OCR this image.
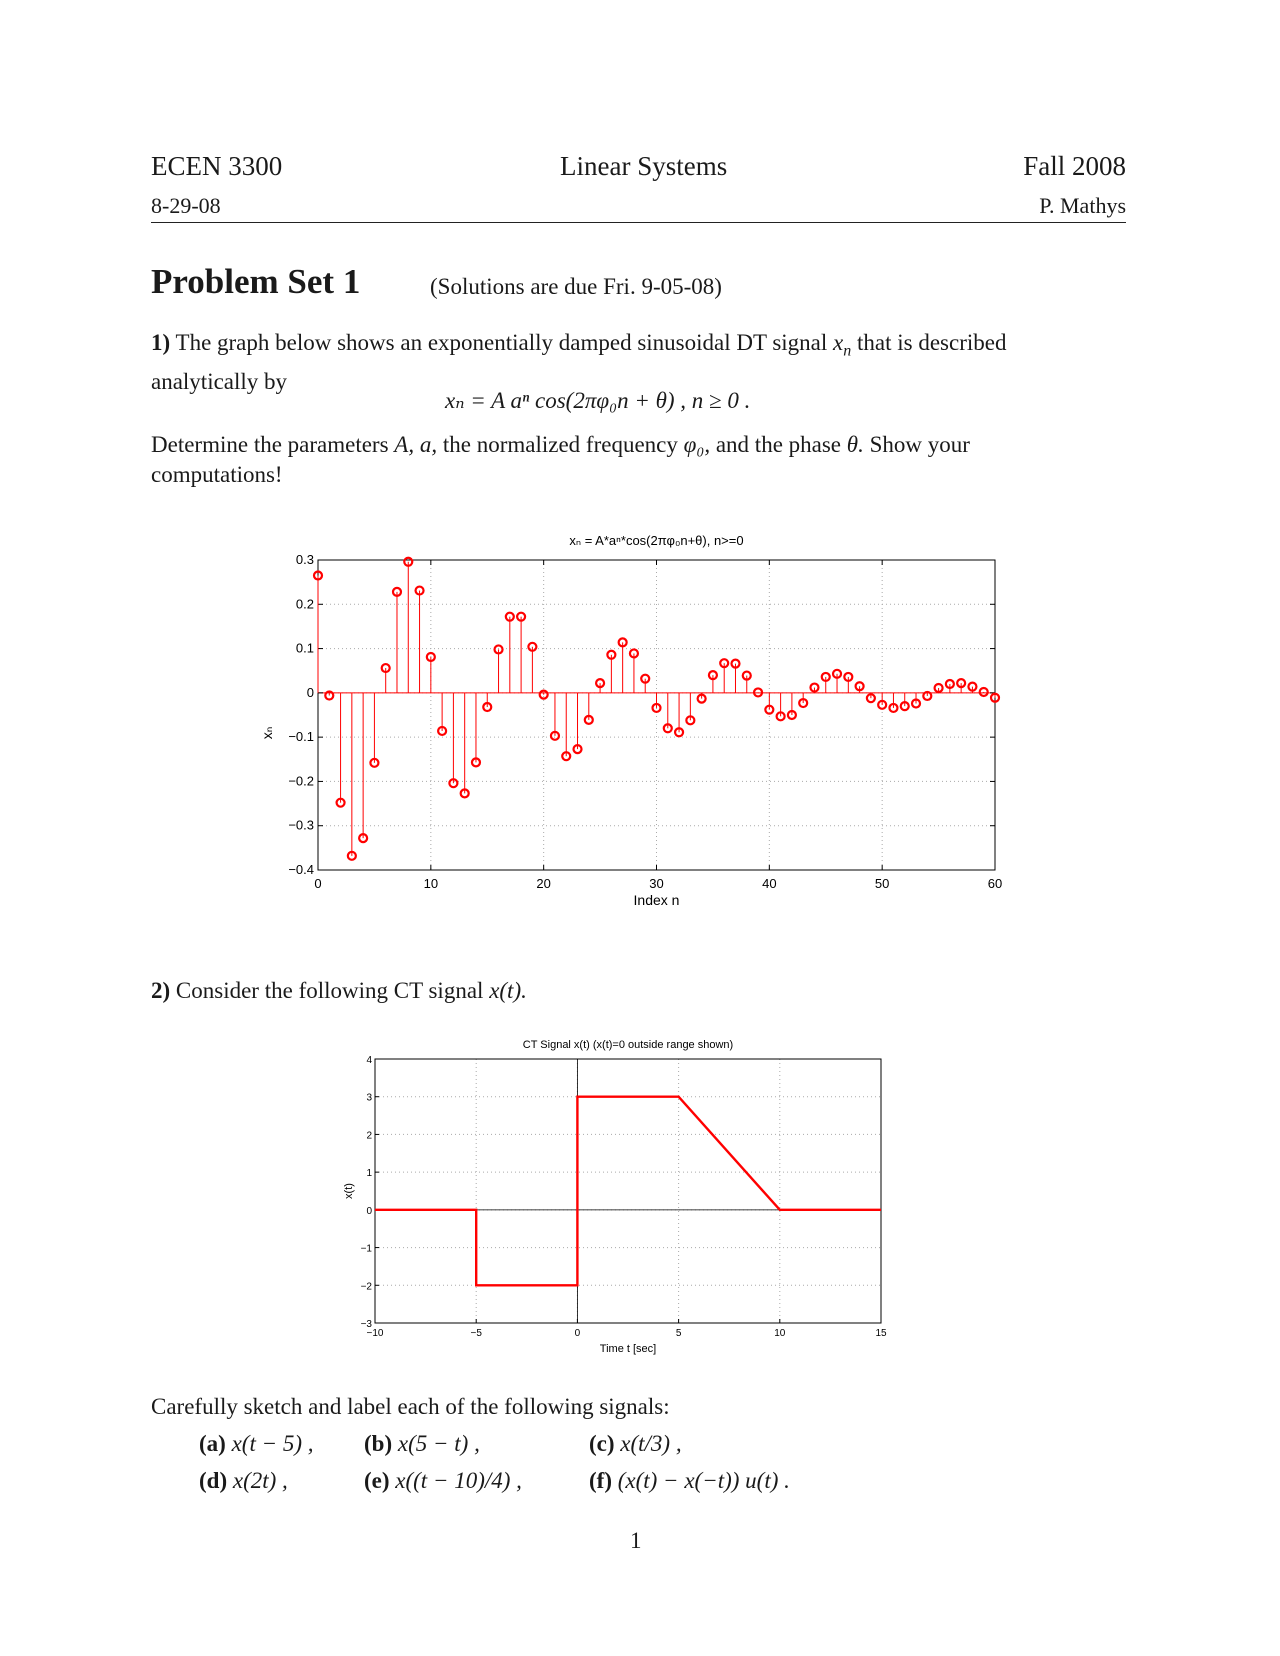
ECEN 3300	Linear Systems	Fall 2008
8-29-08	P. Mathys
Problem Set 1	(Solutions are due Fri. 9-05-08)
1) The graph below shows an exponentially damped sinusoidal DT signal $x_n$ that is described
analytically by
xₙ = A aⁿ cos(2πφ₀n + θ) , n ≥ 0 .
Determine the parameters A, a, the normalized frequency φ₀, and the phase θ. Show your
computations!
0	10	20	30	40	50	60
0.3
0.2
0.1
0
−0.1
−0.2
−0.3
−0.4
xₙ = A*aⁿ*cos(2πφ₀n+θ), n>=0
Index n
xₙ
2) Consider the following CT signal x(t).
−10	−5	0	5	10	15
4
3
2
1
0
−1
−2
−3
CT Signal x(t) (x(t)=0 outside range shown)
Time t [sec]
x(t)
Carefully sketch and label each of the following signals:
(a) x(t − 5) , (b) x(5 − t) ,	(c) x(t/3) ,
(d) x(2t) ,	(e) x((t − 10)/4) ,	(f) (x(t) − x(−t)) u(t) .
1
